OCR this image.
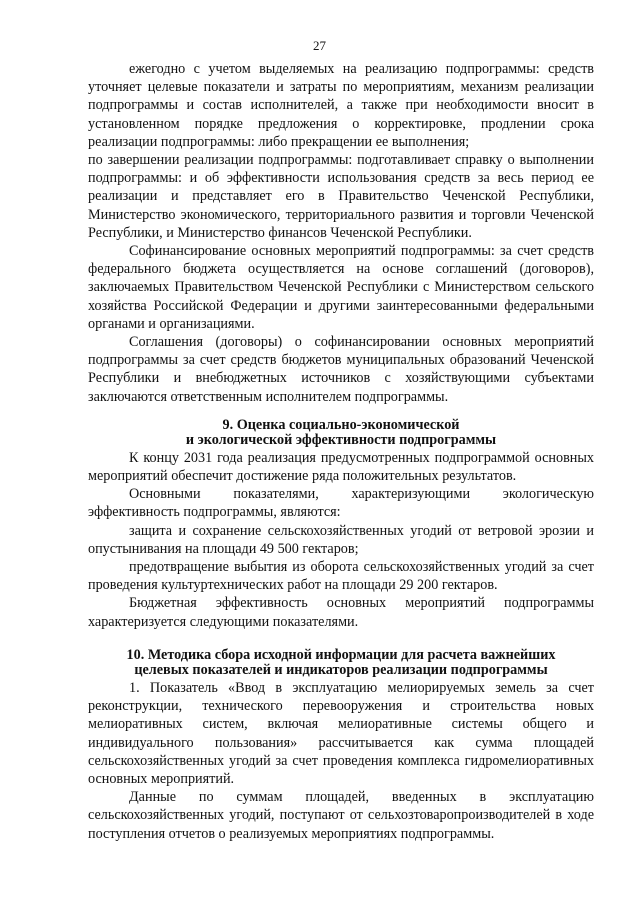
27

ежегодно с учетом выделяемых на реализацию подпрограммы: средств уточняет целевые показатели и затраты по мероприятиям, механизм реализации подпрограммы и состав исполнителей, а также при необходимости вносит в установленном порядке предложения о корректировке, продлении срока реализации подпрограммы: либо прекращении ее выполнения;

по завершении реализации подпрограммы: подготавливает справку о выполнении подпрограммы: и об эффективности использования средств за весь период ее реализации и представляет его в Правительство Чеченской Республики, Министерство экономического, территориального развития и торговли Чеченской Республики, и Министерство финансов Чеченской Республики.

Софинансирование основных мероприятий подпрограммы: за счет средств федерального бюджета осуществляется на основе соглашений (договоров), заключаемых Правительством Чеченской Республики с Министерством сельского хозяйства Российской Федерации и другими заинтересованными федеральными органами и организациями.

Соглашения (договоры) о софинансировании основных мероприятий подпрограммы за счет средств бюджетов муниципальных образований Чеченской Республики и внебюджетных источников с хозяйствующими субъектами заключаются ответственным исполнителем подпрограммы.

9. Оценка социально-экономической
и экологической эффективности подпрограммы

К концу 2031 года реализация предусмотренных подпрограммой основных мероприятий обеспечит достижение ряда положительных результатов.

Основными показателями, характеризующими экологическую эффективность подпрограммы, являются:

защита и сохранение сельскохозяйственных угодий от ветровой эрозии и опустынивания на площади 49 500 гектаров;

предотвращение выбытия из оборота сельскохозяйственных угодий за счет проведения культуртехнических работ на площади 29 200 гектаров.

Бюджетная эффективность основных мероприятий подпрограммы характеризуется следующими показателями.

10. Методика сбора исходной информации для расчета важнейших
целевых показателей и индикаторов реализации подпрограммы

1. Показатель «Ввод в эксплуатацию мелиорируемых земель за счет реконструкции, технического перевооружения и строительства новых мелиоративных систем, включая мелиоративные системы общего и индивидуального пользования» рассчитывается как сумма площадей сельскохозяйственных угодий за счет проведения комплекса гидромелиоративных основных мероприятий.

Данные по суммам площадей, введенных в эксплуатацию сельскохозяйственных угодий, поступают от сельхозтоваропроизводителей в ходе поступления отчетов о реализуемых мероприятиях подпрограммы.
